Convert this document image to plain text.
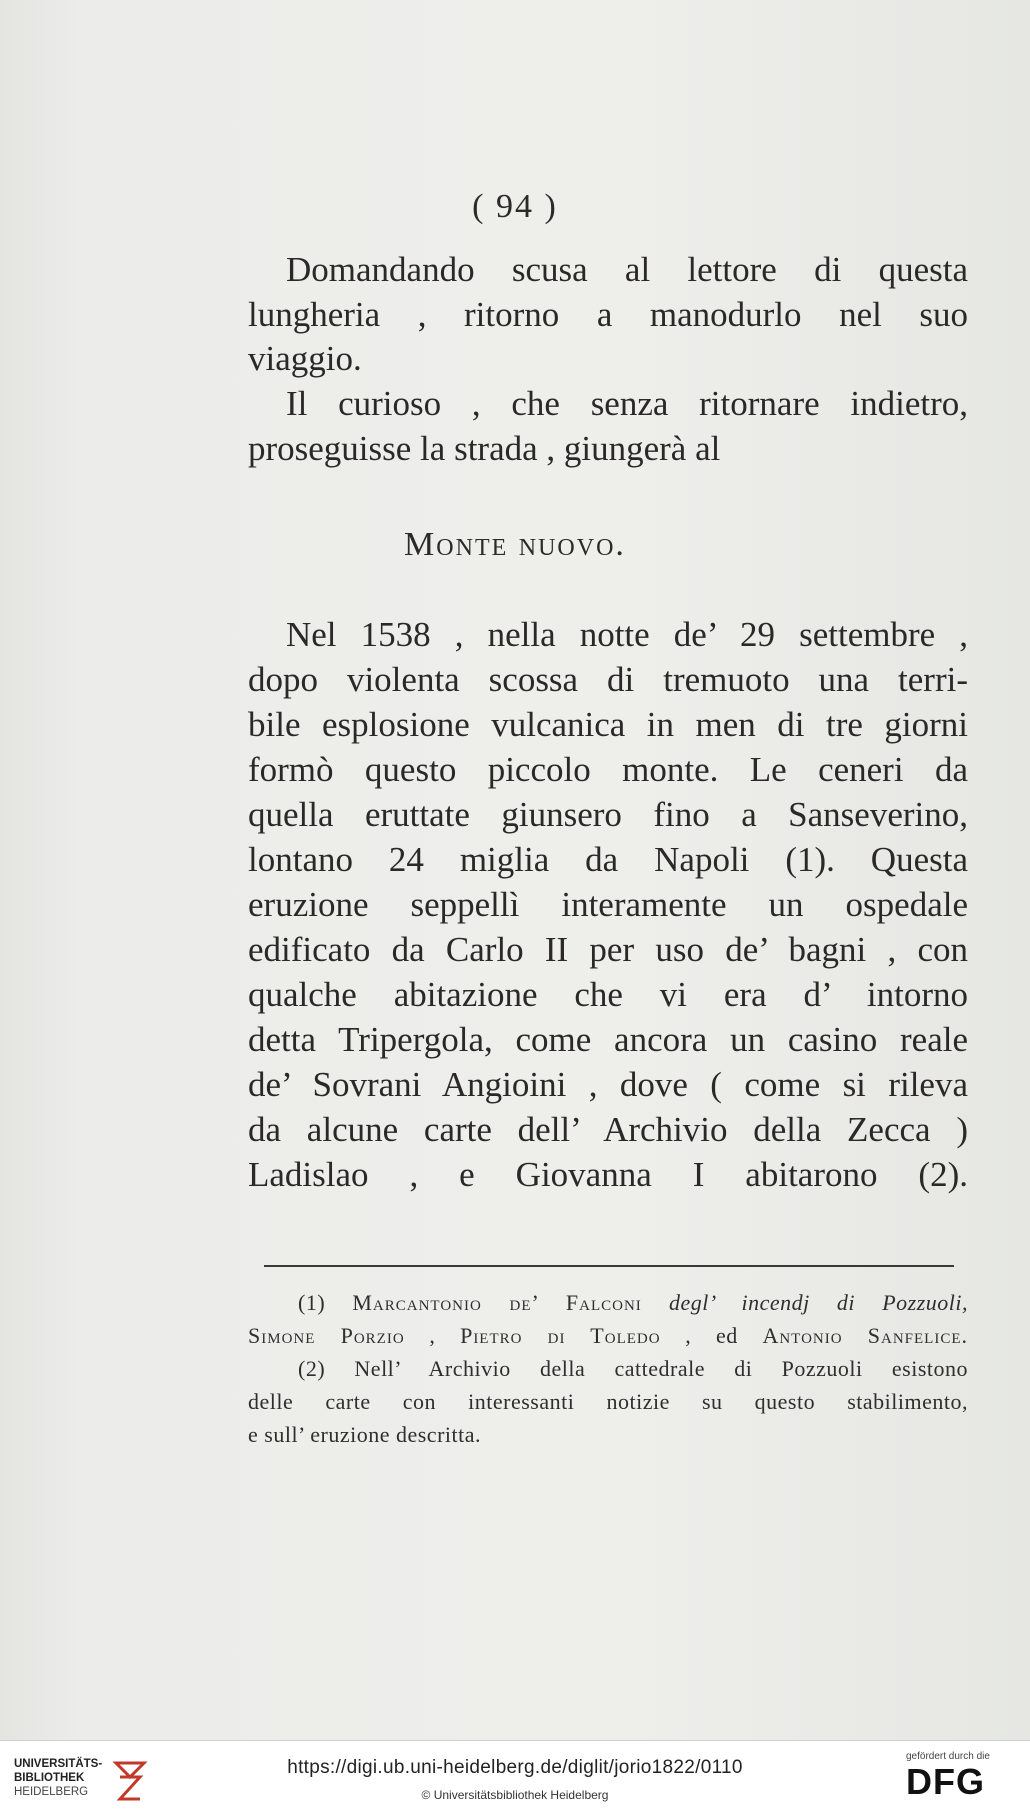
( 94 )
Domandando scusa al lettore di questa
lungheria , ritorno a manodurlo nel suo
viaggio.
Il curioso , che senza ritornare indietro,
proseguisse la strada , giungerà al
Monte nuovo.
Nel 1538 , nella notte de’ 29 settembre ,
dopo violenta scossa di tremuoto una terri-
bile esplosione vulcanica in men di tre giorni
formò questo piccolo monte. Le ceneri da
quella eruttate giunsero fino a Sanseverino,
lontano 24 miglia da Napoli (1). Questa
eruzione seppellì interamente un ospedale
edificato da Carlo II per uso de’ bagni , con
qualche abitazione che vi era d’ intorno
detta Tripergola, come ancora un casino reale
de’ Sovrani Angioini , dove ( come si rileva
da alcune carte dell’ Archivio della Zecca )
Ladislao , e Giovanna I abitarono (2).
(1) Marcantonio de’ Falconi degl’ incendj di Pozzuoli,
Simone Porzio , Pietro di Toledo , ed Antonio Sanfelice.
(2) Nell’ Archivio della cattedrale di Pozzuoli esistono
delle carte con interessanti notizie su questo stabilimento,
e sull’ eruzione descritta.
UNIVERSITÄTS-
BIBLIOTHEK
HEIDELBERG
https://digi.ub.uni-heidelberg.de/diglit/jorio1822/0110
© Universitätsbibliothek Heidelberg
gefördert durch die
DFG
